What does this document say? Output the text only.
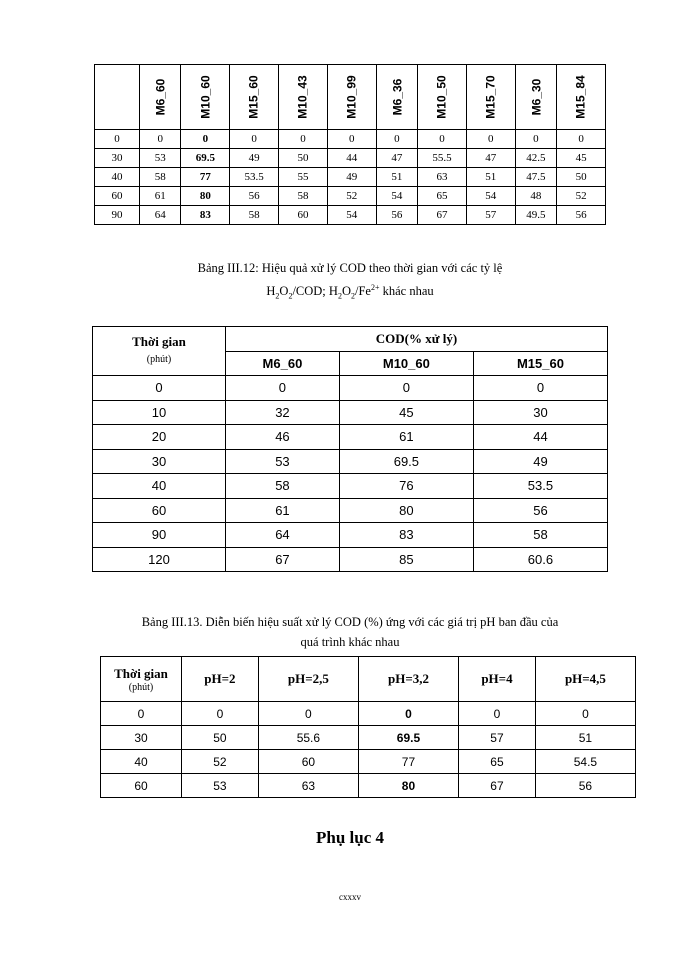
	M6_60	M10_60	M15_60	M10_43	M10_99	M6_36	M10_50	M15_70	M6_30	M15_84
0	0	0	0	0	0	0	0	0	0	0
30	53	69.5	49	50	44	47	55.5	47	42.5	45
40	58	77	53.5	55	49	51	63	51	47.5	50
60	61	80	56	58	52	54	65	54	48	52
90	64	83	58	60	54	56	67	57	49.5	56
Bảng III.12: Hiệu quả xử lý COD theo thời gian với các tỷ lệ
$H_2O_2$/COD; $H_2O_2/Fe^{2+}$ khác nhau
Thời gian
(phút)	COD(% xử lý)		
	M6_60	M10_60	M15_60
0	0	0	0
10	32	45	30
20	46	61	44
30	53	69.5	49
40	58	76	53.5
60	61	80	56
90	64	83	58
120	67	85	60.6
Bảng III.13. Diễn biến hiệu suất xử lý COD (%) ứng với các giá trị pH ban đầu của
quá trình khác nhau
Thời gian
(phút)	pH=2	pH=2,5	pH=3,2	pH=4	pH=4,5
0	0	0	0	0	0
30	50	55.6	69.5	57	51
40	52	60	77	65	54.5
60	53	63	80	67	56
Phụ lục 4
cxxxv
